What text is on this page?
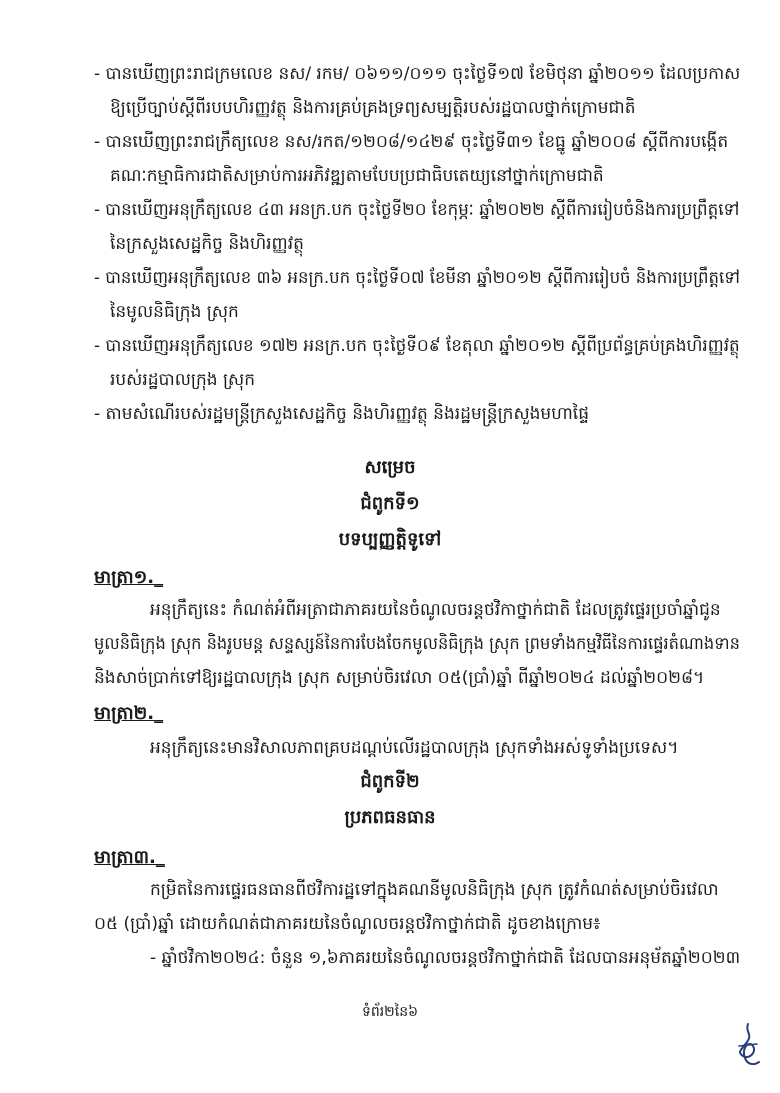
- បានឃើញព្រះរាជក្រមលេខ នស/ រកម/ ០៦១១/០១១ ចុះថ្ងៃទី១៧ ខែមិថុនា ឆ្នាំ២០១១ ដែលប្រកាស
ឱ្យប្រើច្បាប់ស្ដីពីរបបហិរញ្ញវត្ថុ និងការគ្រប់គ្រងទ្រព្យសម្បត្តិរបស់រដ្ឋបាលថ្នាក់ក្រោមជាតិ
- បានឃើញព្រះរាជក្រឹត្យលេខ នស/រកត/១២០៨/១៤២៩ ចុះថ្ងៃទី៣១ ខែធ្នូ ឆ្នាំ២០០៨ ស្ដីពីការបង្កើត
គណៈកម្មាធិការជាតិសម្រាប់ការអភិវឌ្ឍតាមបែបប្រជាធិបតេយ្យនៅថ្នាក់ក្រោមជាតិ
- បានឃើញអនុក្រឹត្យលេខ ៤៣ អនក្រ.បក ចុះថ្ងៃទី២០ ខែកុម្ភៈ ឆ្នាំ២០២២ ស្ដីពីការរៀបចំនិងការប្រព្រឹត្តទៅ
នៃក្រសួងសេដ្ឋកិច្ច និងហិរញ្ញវត្ថុ
- បានឃើញអនុក្រឹត្យលេខ ៣៦ អនក្រ.បក ចុះថ្ងៃទី០៧ ខែមីនា ឆ្នាំ២០១២ ស្ដីពីការរៀបចំ និងការប្រព្រឹត្តទៅ
នៃមូលនិធិក្រុង ស្រុក
- បានឃើញអនុក្រឹត្យលេខ ១៧២ អនក្រ.បក ចុះថ្ងៃទី០៩ ខែតុលា ឆ្នាំ២០១២ ស្ដីពីប្រព័ន្ធគ្រប់គ្រងហិរញ្ញវត្ថុ
របស់រដ្ឋបាលក្រុង ស្រុក
- តាមសំណើរបស់រដ្ឋមន្ត្រីក្រសួងសេដ្ឋកិច្ច និងហិរញ្ញវត្ថុ និងរដ្ឋមន្ត្រីក្រសួងមហាផ្ទៃ
សម្រេច
ជំពូកទី១
បទប្បញ្ញត្តិទូទៅ
មាត្រា១._
អនុក្រឹត្យនេះ កំណត់អំពីអត្រាជាភាគរយនៃចំណូលចរន្តថវិកាថ្នាក់ជាតិ ដែលត្រូវផ្ទេរប្រចាំឆ្នាំជូន
មូលនិធិក្រុង ស្រុក និងរូបមន្ត សន្ទស្សន៍នៃការបែងចែកមូលនិធិក្រុង ស្រុក ព្រមទាំងកម្មវិធីនៃការផ្ទេរតំណាងទាន
និងសាច់ប្រាក់ទៅឱ្យរដ្ឋបាលក្រុង ស្រុក សម្រាប់ចិរវេលា ០៥(ប្រាំ)ឆ្នាំ ពីឆ្នាំ២០២៤ ដល់ឆ្នាំ២០២៨។
មាត្រា២._
អនុក្រឹត្យនេះមានវិសាលភាពគ្របដណ្ដប់លើរដ្ឋបាលក្រុង ស្រុកទាំងអស់ទូទាំងប្រទេស។
ជំពូកទី២
ប្រភពធនធាន
មាត្រា៣._
កម្រិតនៃការផ្ទេរធនធានពីថវិការដ្ឋទៅក្នុងគណនីមូលនិធិក្រុង ស្រុក ត្រូវកំណត់សម្រាប់ចិរវេលា
០៥ (ប្រាំ)ឆ្នាំ ដោយកំណត់ជាភាគរយនៃចំណូលចរន្តថវិកាថ្នាក់ជាតិ ដូចខាងក្រោម៖
- ឆ្នាំថវិកា២០២៤: ចំនួន ១,៦ភាគរយនៃចំណូលចរន្តថវិកាថ្នាក់ជាតិ ដែលបានអនុម័តឆ្នាំ២០២៣
ទំព័រ២នៃ៦
